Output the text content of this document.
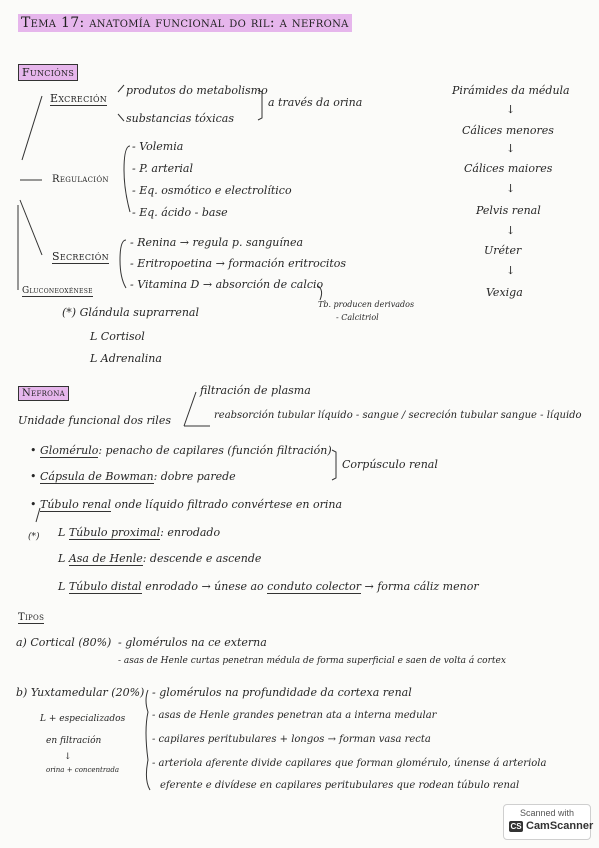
Tema 17: anatomía funcional do ril: a nefrona
Funcións
Excreción
produtos do metabolismo
substancias tóxicas
a través da orina
Regulación
- Volemia
- P. arterial
- Eq. osmótico e electrolítico
- Eq. ácido - base
Secreción
- Renina → regula p. sanguínea
- Eritropoetina → formación eritrocitos
- Vitamina D → absorción de calcio
Tb. producen derivados
- Calcitriol
Gluconeoxénese
(*) Glándula suprarrenal
L Cortisol
L Adrenalina
Pirámides da médula
↓
Cálices menores
↓
Cálices maiores
↓
Pelvis renal
↓
Uréter
↓
Vexiga
Nefrona	filtración de plasma
Unidade funcional dos riles	reabsorción tubular líquido - sangue / secreción tubular sangue - líquido
• Glomérulo: penacho de capilares (función filtración)
• Cápsula de Bowman: dobre parede
Corpúsculo renal
• Túbulo renal onde líquido filtrado convértese en orina
(*) L Túbulo proximal: enrodado
L Asa de Henle: descende e ascende
L Túbulo distal enrodado → únese ao conduto colector → forma cáliz menor
Tipos
a) Cortical (80%) - glomérulos na ce externa
- asas de Henle curtas penetran médula de forma superficial e saen de volta á cortex
b) Yuxtamedular (20%) - glomérulos na profundidade da cortexa renal
- asas de Henle grandes penetran ata a interna medular
- capilares peritubulares + longos → forman vasa recta
- arteriola aferente divide capilares que forman glomérulo, únense á arteriola
eferente e divídese en capilares peritubulares que rodean túbulo renal
L + especializados
en filtración
↓
orina + concentrada
Scanned with
CS CamScanner
